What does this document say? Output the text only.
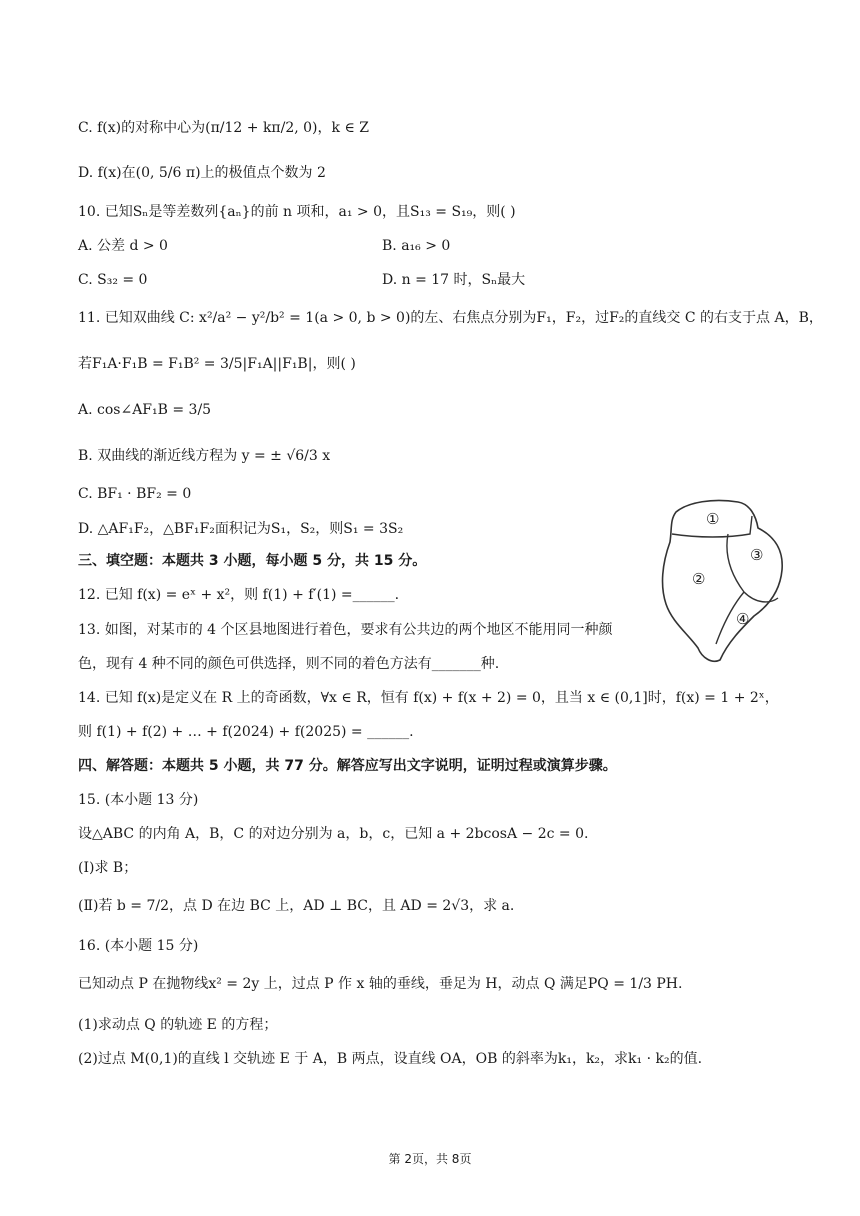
C. f(x)的对称中心为(π/12 + kπ/2, 0)，k ∈ Z
D. f(x)在(0, 5/6 π)上的极值点个数为 2
10. 已知Sₙ是等差数列{aₙ}的前 n 项和，a₁ > 0，且S₁₃ = S₁₉，则( )
11. 已知双曲线 C: x²/a² − y²/b² = 1(a > 0, b > 0)的左、右焦点分别为F₁，F₂，过F₂的直线交 C 的右支于点 A，B，
若F₁A·F₁B = F₁B² = 3/5|F₁A||F₁B|，则( )
A. cos∠AF₁B = 3/5
B. 双曲线的渐近线方程为 y = ± √6/3 x
C. BF₁ · BF₂ = 0
D. △AF₁F₂，△BF₁F₂面积记为S₁，S₂，则S₁ = 3S₂
三、填空题：本题共 3 小题，每小题 5 分，共 15 分。
12. 已知 f(x) = eˣ + x²，则 f(1) + f′(1) =______.
13. 如图，对某市的 4 个区县地图进行着色，要求有公共边的两个地区不能用同一种颜
色，现有 4 种不同的颜色可供选择，则不同的着色方法有_______种.
14. 已知 f(x)是定义在 R 上的奇函数，∀x ∈ R，恒有 f(x) + f(x + 2) = 0，且当 x ∈ (0,1]时，f(x) = 1 + 2ˣ，
则 f(1) + f(2) + … + f(2024) + f(2025) = ______.
四、解答题：本题共 5 小题，共 77 分。解答应写出文字说明，证明过程或演算步骤。
15. (本小题 13 分)
设△ABC 的内角 A，B，C 的对边分别为 a，b，c，已知 a + 2bcosA − 2c = 0.
(Ⅰ)求 B；
(Ⅱ)若 b = 7/2，点 D 在边 BC 上，AD ⊥ BC，且 AD = 2√3，求 a.
16. (本小题 15 分)
已知动点 P 在抛物线x² = 2y 上，过点 P 作 x 轴的垂线，垂足为 H，动点 Q 满足PQ = 1/3 PH.
(1)求动点 Q 的轨迹 E 的方程；
(2)过点 M(0,1)的直线 l 交轨迹 E 于 A，B 两点，设直线 OA，OB 的斜率为k₁，k₂，求k₁ · k₂的值.
A. 公差 d > 0	B. a₁₆ > 0
C. S₃₂ = 0	D. n = 17 时，Sₙ最大
①
②
③
④
第 2页，共 8页
